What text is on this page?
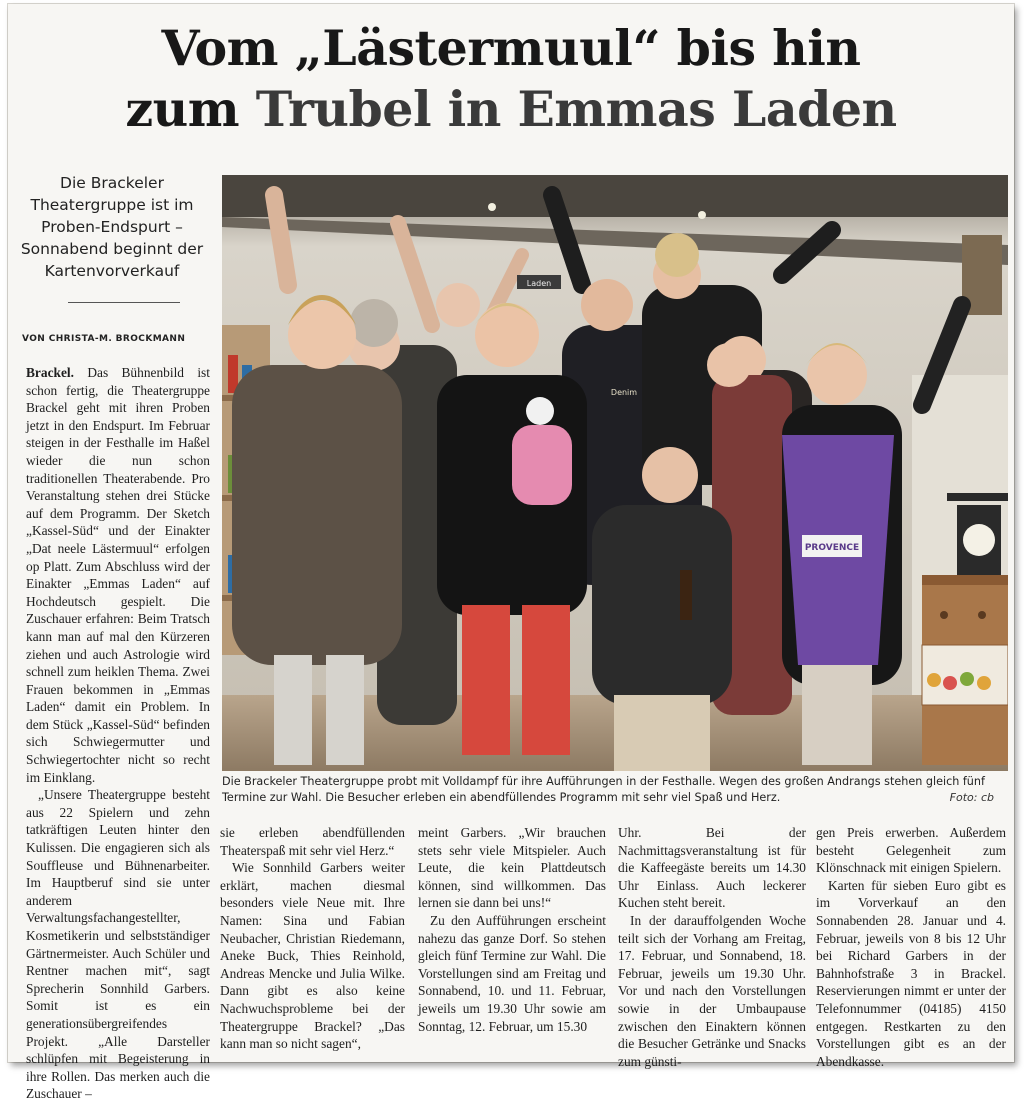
Vom „Lästermuul“ bis hin
zum Trubel in Emmas Laden
Die Brackeler Theatergruppe ist im Proben-Endspurt – Sonnabend beginnt der Kartenvorverkauf
VON CHRISTA-M. BROCKMANN

Brackel. Das Bühnenbild ist schon fertig, die Theatergruppe Brackel geht mit ihren Proben jetzt in den Endspurt. Im Februar steigen in der Festhalle im Haßel wieder die nun schon traditionellen Theaterabende. Pro Veranstaltung stehen drei Stücke auf dem Programm. Der Sketch „Kassel-Süd“ und der Einakter „Dat neele Lästermuul“ erfolgen op Platt. Zum Abschluss wird der Einakter „Emmas Laden“ auf Hochdeutsch gespielt. Die Zuschauer erfahren: Beim Tratsch kann man auf mal den Kürzeren ziehen und auch Astrologie wird schnell zum heiklen Thema. Zwei Frauen bekommen in „Emmas Laden“ damit ein Problem. In dem Stück „Kassel-Süd“ befinden sich Schwiegermutter und Schwiegertochter nicht so recht im Einklang.

„Unsere Theatergruppe besteht aus 22 Spielern und zehn tatkräftigen Leuten hinter den Kulissen. Die engagieren sich als Souffleuse und Bühnenarbeiter. Im Hauptberuf sind sie unter anderem Verwaltungsfachangestellter, Kosmetikerin und selbstständiger Gärtnermeister. Auch Schüler und Rentner machen mit“, sagt Sprecherin Sonnhild Garbers. Somit ist es ein generationsübergreifendes Projekt. „Alle Darsteller schlüpfen mit Begeisterung in ihre Rollen. Das merken auch die Zuschauer –

PROVENCE
Laden
Denim
Die Brackeler Theatergruppe probt mit Volldampf für ihre Aufführungen in der Festhalle. Wegen des großen Andrangs stehen gleich fünf Termine zur Wahl. Die Besucher erleben ein abendfüllendes Programm mit sehr viel Spaß und Herz.	Foto: cb

sie erleben abendfüllenden Theaterspaß mit sehr viel Herz.“

Wie Sonnhild Garbers weiter erklärt, machen diesmal besonders viele Neue mit. Ihre Namen: Sina und Fabian Neubacher, Christian Riedemann, Aneke Buck, Thies Reinhold, Andreas Mencke und Julia Wilke. Dann gibt es also keine Nachwuchsprobleme bei der Theatergruppe Brackel? „Das kann man so nicht sagen“,

meint Garbers. „Wir brauchen stets sehr viele Mitspieler. Auch Leute, die kein Plattdeutsch können, sind willkommen. Das lernen sie dann bei uns!“

Zu den Aufführungen erscheint nahezu das ganze Dorf. So stehen gleich fünf Termine zur Wahl. Die Vorstellungen sind am Freitag und Sonnabend, 10. und 11. Februar, jeweils um 19.30 Uhr sowie am Sonntag, 12. Februar, um 15.30

Uhr. Bei der Nachmittagsveranstaltung ist für die Kaffeegäste bereits um 14.30 Uhr Einlass. Auch leckerer Kuchen steht bereit.

In der darauffolgenden Woche teilt sich der Vorhang am Freitag, 17. Februar, und Sonnabend, 18. Februar, jeweils um 19.30 Uhr. Vor und nach den Vorstellungen sowie in der Umbaupause zwischen den Einaktern können die Besucher Getränke und Snacks zum günsti-

gen Preis erwerben. Außerdem besteht Gelegenheit zum Klönschnack mit einigen Spielern.

Karten für sieben Euro gibt es im Vorverkauf an den Sonnabenden 28. Januar und 4. Februar, jeweils von 8 bis 12 Uhr bei Richard Garbers in der Bahnhofstraße 3 in Brackel. Reservierungen nimmt er unter der Telefonnummer (04185) 4150 entgegen. Restkarten zu den Vorstellungen gibt es an der Abendkasse.
